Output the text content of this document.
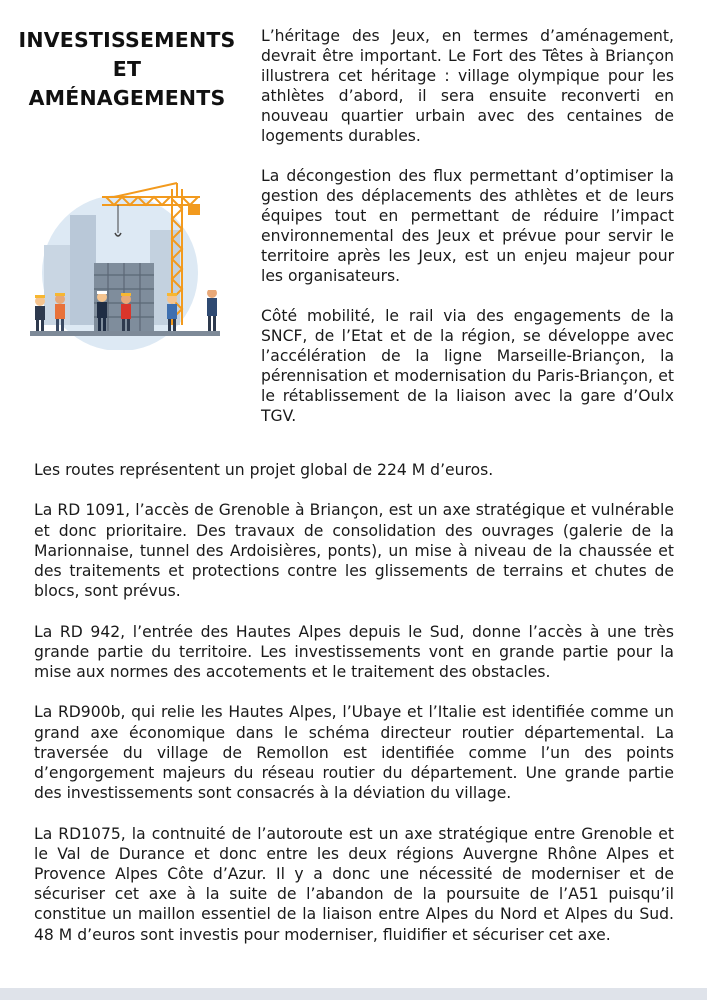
INVESTISSEMENTS
ET
AMÉNAGEMENTS

L’héritage des Jeux, en termes d’aménagement, devrait être important. Le Fort des Têtes à Briançon illustrera cet héritage : village olympique pour les athlètes d’abord, il sera ensuite reconverti en nouveau quartier urbain avec des centaines de logements durables.

La décongestion des flux permettant d’optimiser la gestion des déplacements des athlètes et de leurs équipes tout en permettant de réduire l’impact environnemental des Jeux et prévue pour servir le territoire après les Jeux, est un enjeu majeur pour les organisateurs.

Côté mobilité, le rail via des engagements de la SNCF, de l’Etat et de la région, se développe avec l’accélération de la ligne Marseille-Briançon, la pérennisation et modernisation du Paris-Briançon, et le rétablissement de la liaison avec la gare d’Oulx TGV.

Les routes représentent un projet global de 224 M d’euros.

La RD 1091, l’accès de Grenoble à Briançon, est un axe stratégique et vulnérable et donc prioritaire. Des travaux de consolidation des ouvrages (galerie de la Marionnaise, tunnel des Ardoisières, ponts), un mise à niveau de la chaussée et des traitements et protections contre les glissements de terrains et chutes de blocs, sont prévus.

La RD 942, l’entrée des Hautes Alpes depuis le Sud, donne l’accès à une très grande partie du territoire. Les investissements vont en grande partie pour la mise aux normes des accotements et le traitement des obstacles.

La RD900b, qui relie les Hautes Alpes, l’Ubaye et l’Italie est identifiée comme un grand axe économique dans le schéma directeur routier départemental. La traversée du village de Remollon est identifiée comme l’un des points d’engorgement majeurs du réseau routier du département. Une grande partie des investissements sont consacrés à la déviation du village.

La RD1075, la contnuité de l’autoroute est un axe stratégique entre Grenoble et le Val de Durance et donc entre les deux régions Auvergne Rhône Alpes et Provence Alpes Côte d’Azur. Il y a donc une nécessité de moderniser et de sécuriser cet axe à la suite de l’abandon de la poursuite de l’A51 puisqu’il constitue un maillon essentiel de la liaison entre Alpes du Nord et Alpes du Sud. 48 M d’euros sont investis pour moderniser, fluidifier et sécuriser cet axe.
